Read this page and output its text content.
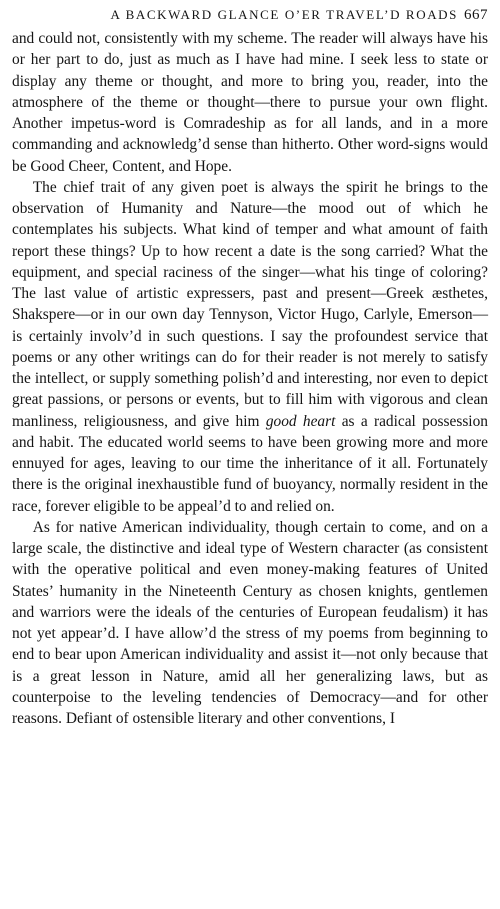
A BACKWARD GLANCE O’ER TRAVEL’D ROADS 667

and could not, consistently with my scheme. The reader will always have his or her part to do, just as much as I have had mine. I seek less to state or display any theme or thought, and more to bring you, reader, into the atmosphere of the theme or thought—there to pursue your own flight. Another impetus-word is Comradeship as for all lands, and in a more commanding and acknowledg’d sense than hitherto. Other word-signs would be Good Cheer, Content, and Hope.

The chief trait of any given poet is always the spirit he brings to the observation of Humanity and Nature—the mood out of which he contemplates his subjects. What kind of temper and what amount of faith report these things? Up to how recent a date is the song carried? What the equipment, and special raciness of the singer—what his tinge of coloring? The last value of artistic expressers, past and present—Greek æsthetes, Shakspere—or in our own day Tennyson, Victor Hugo, Carlyle, Emerson—is certainly involv’d in such questions. I say the profoundest service that poems or any other writings can do for their reader is not merely to satisfy the intellect, or supply something polish’d and interesting, nor even to depict great passions, or persons or events, but to fill him with vigorous and clean manliness, religiousness, and give him good heart as a radical possession and habit. The educated world seems to have been growing more and more ennuyed for ages, leaving to our time the inheritance of it all. Fortunately there is the original inexhaustible fund of buoyancy, normally resident in the race, forever eligible to be appeal’d to and relied on.

As for native American individuality, though certain to come, and on a large scale, the distinctive and ideal type of Western character (as consistent with the operative political and even money-making features of United States’ humanity in the Nineteenth Century as chosen knights, gentlemen and warriors were the ideals of the centuries of European feudalism) it has not yet appear’d. I have allow’d the stress of my poems from beginning to end to bear upon American individuality and assist it—not only because that is a great lesson in Nature, amid all her generalizing laws, but as counterpoise to the leveling tendencies of Democracy—and for other reasons. Defiant of ostensible literary and other conventions, I
